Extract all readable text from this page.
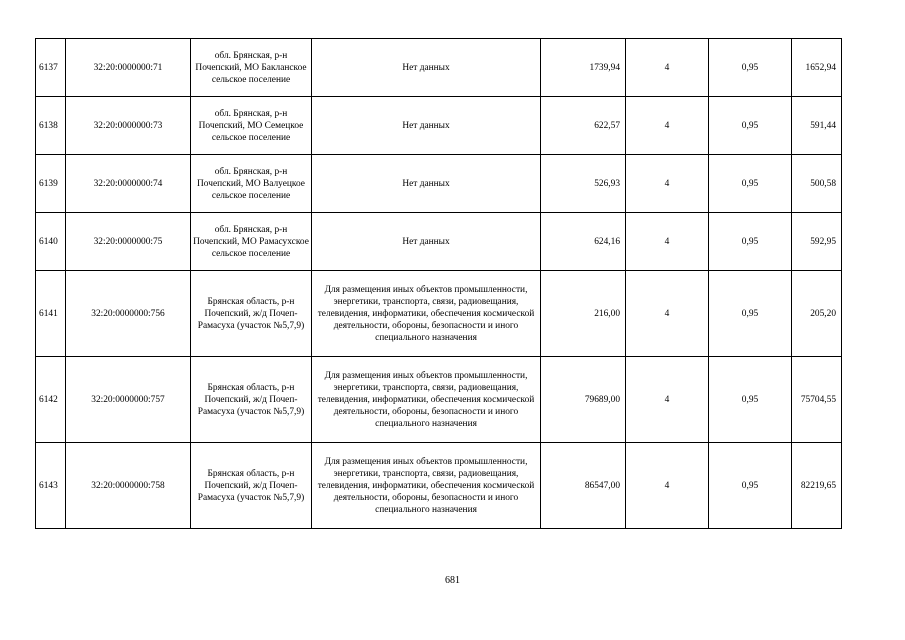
6137	32:20:0000000:71	обл. Брянская, р-н Почепский, МО Бакланское сельское поселение	Нет данных	1739,94	4	0,95	1652,94
6138	32:20:0000000:73	обл. Брянская, р-н Почепский, МО Семецкое сельское поселение	Нет данных	622,57	4	0,95	591,44
6139	32:20:0000000:74	обл. Брянская, р-н Почепский, МО Валуецкое сельское поселение	Нет данных	526,93	4	0,95	500,58
6140	32:20:0000000:75	обл. Брянская, р-н Почепский, МО Рамасухское сельское поселение	Нет данных	624,16	4	0,95	592,95
6141	32:20:0000000:756	Брянская область, р-н Почепский, ж/д Почеп-Рамасуха (участок №5,7,9)	Для размещения иных объектов промышленности, энергетики, транспорта, связи, радиовещания, телевидения, информатики, обеспечения космической деятельности, обороны, безопасности и иного специального назначения	216,00	4	0,95	205,20
6142	32:20:0000000:757	Брянская область, р-н Почепский, ж/д Почеп-Рамасуха (участок №5,7,9)	Для размещения иных объектов промышленности, энергетики, транспорта, связи, радиовещания, телевидения, информатики, обеспечения космической деятельности, обороны, безопасности и иного специального назначения	79689,00	4	0,95	75704,55
6143	32:20:0000000:758	Брянская область, р-н Почепский, ж/д Почеп-Рамасуха (участок №5,7,9)	Для размещения иных объектов промышленности, энергетики, транспорта, связи, радиовещания, телевидения, информатики, обеспечения космической деятельности, обороны, безопасности и иного специального назначения	86547,00	4	0,95	82219,65
681
